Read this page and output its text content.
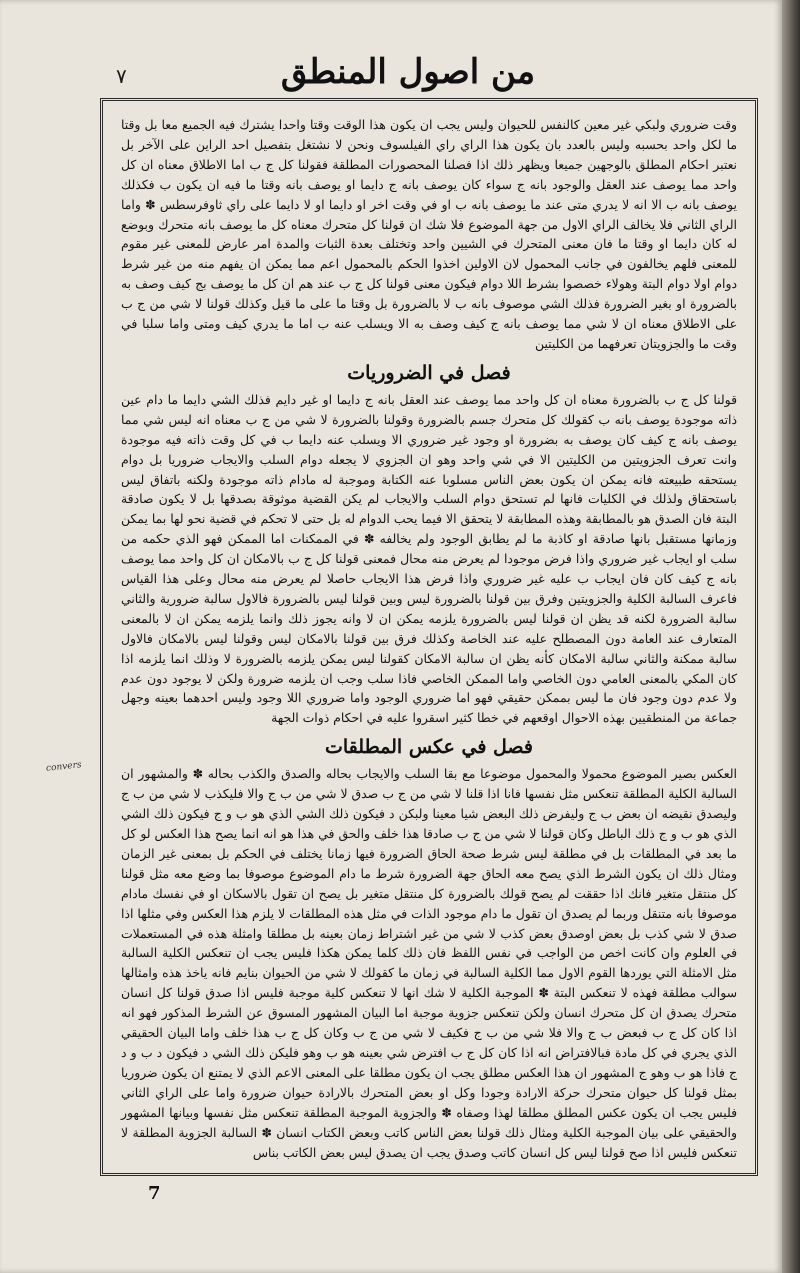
من اصول المنطق
٧
convers

وقت ضروري ولبكي غير معين كالنفس للحيوان وليس يجب ان يكون هذا الوقت وقتا واحدا يشترك فيه الجميع معا بل وقتا ما لكل واحد بحسبه وليس بالعدد بان يكون هذا الراي راي الفيلسوف ونحن لا نشتغل بتفصيل احد الراين على الآخر بل نعتبر احكام المطلق بالوجهين جميعا ويظهر ذلك اذا فصلنا المحصورات المطلقة فقولنا كل ج ب اما الاطلاق معناه ان كل واحد مما يوصف عند العقل والوجود بانه ج سواء كان يوصف بانه ج دايما او يوصف بانه وقتا ما فيه ان يكون ب فكذلك يوصف بانه ب الا انه لا يدري متى عند ما يوصف بانه ب او في وقت اخر او دايما او لا دايما على راي ثاوفرسطس ✽ واما الراي الثاني فلا يخالف الراي الاول من جهة الموضوع فلا شك ان قولنا كل متحرك معناه كل ما يوصف بانه متحرك وبوضع له كان دايما او وقتا ما فان معنى المتحرك في الشيين واحد وتختلف بعدة الثبات والمدة امر عارض للمعنى غير مقوم للمعنى فلهم يخالفون في جانب المحمول لان الاولين اخذوا الحكم بالمحمول اعم مما يمكن ان يفهم منه من غير شرط دوام اولا دوام البتة وهولاء خصصوا بشرط اللا دوام فيكون معنى قولنا كل ج ب عند هم ان كل ما يوصف بج كيف وصف به بالضرورة او بغير الضرورة فذلك الشي موصوف بانه ب لا بالضرورة بل وقتا ما على ما قيل وكذلك قولنا لا شي من ج ب على الاطلاق معناه ان لا شي مما يوصف بانه ج كيف وصف به الا ويسلب عنه ب اما ما يدري كيف ومتى واما سلبا في وقت ما والجزويتان تعرفهما من الكليتين

فصل في الضروريات

قولنا كل ج ب بالضرورة معناه ان كل واحد مما يوصف عند العقل بانه ج دايما او غير دايم فذلك الشي دايما ما دام عين ذاته موجودة يوصف بانه ب كقولك كل متحرك جسم بالضرورة وقولنا بالضرورة لا شي من ج ب معناه انه ليس شي مما يوصف بانه ج كيف كان يوصف به بضرورة او وجود غير ضروري الا ويسلب عنه دايما ب في كل وقت ذاته فيه موجودة وانت تعرف الجزويتين من الكليتين الا في شي واحد وهو ان الجزوي لا يجعله دوام السلب والايجاب ضروريا بل دوام يستحقه طبيعته فانه يمكن ان يكون بعض الناس مسلوبا عنه الكتابة وموجبة له مادام ذاته موجودة ولكنه باتفاق ليس باستحقاق ولذلك في الكليات فانها لم تستحق دوام السلب والايجاب لم يكن القضية موثوقة بصدقها بل لا يكون صادقة البتة فان الصدق هو بالمطابقة وهذه المطابقة لا يتحقق الا فيما يحب الدوام له بل حتى لا تحكم في قضية نحو لها بما يمكن وزمانها مستقبل بانها صادقة او كاذبة ما لم يطابق الوجود ولم يخالفه ✽ في الممكنات اما الممكن فهو الذي حكمه من سلب او ايجاب غير ضروري واذا فرض موجودا لم يعرض منه محال فمعنى قولنا كل ج ب بالامكان ان كل واحد مما يوصف بانه ج كيف كان فان ايجاب ب عليه غير ضروري واذا فرض هذا الايجاب حاصلا لم يعرض منه محال وعلى هذا القياس فاعرف السالبة الكلية والجزويتين وفرق بين قولنا بالضرورة ليس وبين قولنا ليس بالضرورة فالاول سالبة ضرورية والثاني سالبة الضرورة لكنه قد يظن ان قولنا ليس بالضرورة يلزمه يمكن ان لا وانه يجوز ذلك وانما يلزمه يمكن ان لا بالمعنى المتعارف عند العامة دون المصطلح عليه عند الخاصة وكذلك فرق بين قولنا بالامكان ليس وقولنا ليس بالامكان فالاول سالبة ممكنة والثاني سالبة الامكان كأنه يظن ان سالبة الامكان كقولنا ليس يمكن يلزمه بالضرورة لا وذلك انما يلزمه اذا كان المكي بالمعنى العامي دون الخاصي واما الممكن الخاصي فاذا سلب وجب ان يلزمه ضرورة ولكن لا يوجود دون عدم ولا عدم دون وجود فان ما ليس بممكن حقيقي فهو اما ضروري الوجود واما ضروري اللا وجود وليس احدهما بعينه وجهل جماعة من المنطقيين بهذه الاحوال اوقعهم في خطا كثير اسقروا عليه في احكام ذوات الجهة

فصل في عكس المطلقات

العكس بصير الموضوع محمولا والمحمول موضوعا مع بقا السلب والايجاب بحاله والصدق والكذب بحاله ✽ والمشهور ان السالبة الكلية المطلقة تنعكس مثل نفسها فانا اذا قلنا لا شي من ج ب صدق لا شي من ب ج والا فليكذب لا شي من ب ج وليصدق نقيضه ان بعض ب ج وليفرض ذلك البعض شيا معينا ولبكن د فيكون ذلك الشي الذي هو ب و ج فيكون ذلك الشي الذي هو ب و ج ذلك الباطل وكان قولنا لا شي من ج ب صادقا هذا خلف والحق في هذا هو انه انما يصح هذا العكس لو كل ما بعد في المطلقات بل في مطلقة ليس شرط صحة الحاق الضرورة فيها زمانا يختلف في الحكم بل بمعنى غير الزمان ومثال ذلك ان يكون الشرط الذي يصح معه الحاق جهة الضرورة شرط ما دام الموضوع موصوفا بما وضع معه مثل قولنا كل منتقل متغير فانك اذا حققت لم يصح قولك بالضرورة كل منتقل متغير بل يصح ان تقول بالاسكان او في نفسك مادام موصوفا بانه متنقل وربما لم يصدق ان تقول ما دام موجود الذات في مثل هذه المطلقات لا يلزم هذا العكس وفي مثلها اذا صدق لا شي كذب بل بعض اوصدق بعض كذب لا شي من غير اشتراط زمان بعينه بل مطلقا وامثلة هذه في المستعملات في العلوم وان كانت اخص من الواجب في نفس اللفظ فان ذلك كلما يمكن هكذا فليس يجب ان تنعكس الكلية السالبة مثل الامثلة التي يوردها القوم الاول مما الكلية السالبة في زمان ما كقولك لا شي من الحيوان بنايم فانه ياخذ هذه وامثالها سوالب مطلقة فهذه لا تنعكس البتة ✽ الموجبة الكلية لا شك انها لا تنعكس كلية موجبة فليس اذا صدق قولنا كل انسان متحرك يصدق ان كل متحرك انسان ولكن تنعكس جزوية موجبة اما البيان المشهور المسوق عن الشرط المذكور فهو انه اذا كان كل ج ب فبعض ب ج والا فلا شي من ب ج فكيف لا شي من ج ب وكان كل ج ب هذا خلف واما البيان الحقيقي الذي يجري في كل مادة فبالافتراض انه اذا كان كل ج ب افترض شي بعينه هو ب وهو فليكن ذلك الشي د فيكون د ب و د ج فاذا هو ب وهو ج المشهور ان هذا العكس مطلق يجب ان يكون مطلقا على المعنى الاعم الذي لا يمتنع ان يكون ضروريا بمثل قولنا كل حيوان متحرك حركة الارادة وجودا وكل او بعض المتحرك بالارادة حيوان ضرورة واما على الراي الثاني فليس يجب ان يكون عكس المطلق مطلقا لهذا وصفاه ✽ والجزوية الموجبة المطلقة تنعكس مثل نفسها وبيانها المشهور والحقيقي على بيان الموجبة الكلية ومثال ذلك قولنا بعض الناس كاتب وبعض الكتاب انسان ✽ السالبة الجزوية المطلقة لا تنعكس فليس اذا صح قولنا ليس كل انسان كاتب وصدق يجب ان يصدق ليس بعض الكاتب بناس

7
